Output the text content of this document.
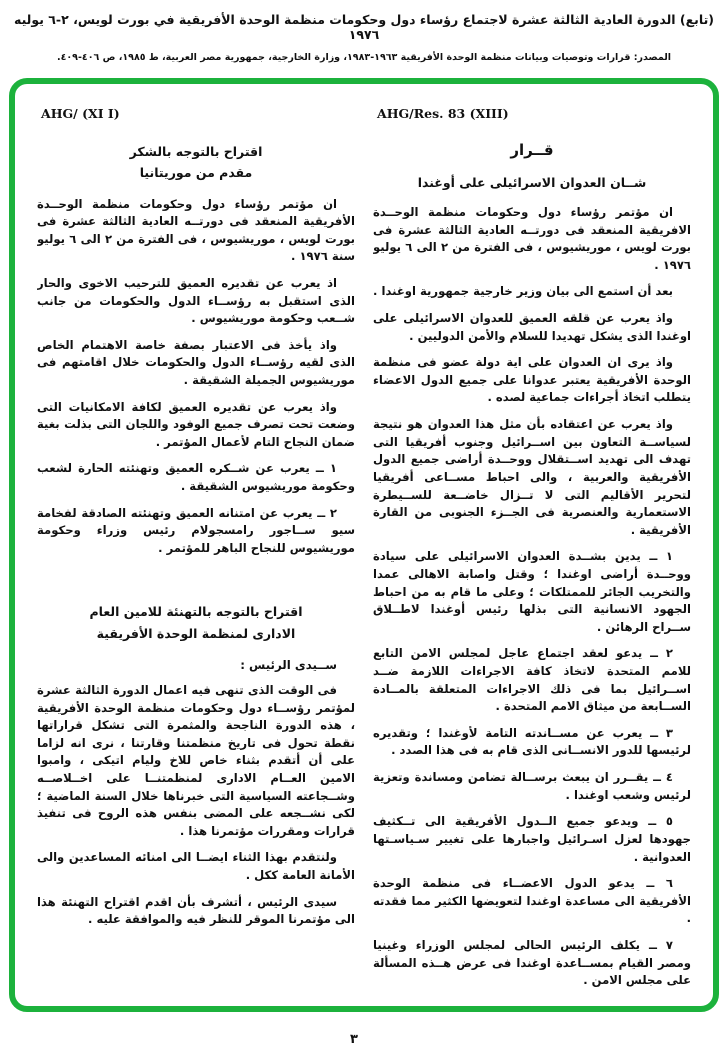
(تابع) الدورة العادية الثالثة عشرة لاجتماع رؤساء دول وحكومات منظمة الوحدة الأفريقية في بورت لويس، ٢-٦ يوليه ١٩٧٦
المصدر: قرارات وتوصيات وبيانات منظمة الوحدة الأفريقية ١٩٦٣-١٩٨٣، وزارة الخارجية، جمهورية مصر العربية، ط ١٩٨٥، ص ٤٠٦-٤٠٩.
AHG/Res. 83 (XIII)
قــرار
شــان العدوان الاسرائيلى على أوغندا

ان مؤتمر رؤساء دول وحكومات منظمة الوحــدة الافريقية المنعقد فى دورتــه العادية الثالثة عشرة فى بورت لويس ، موريشيوس ، فى الفترة من ٢ الى ٦ يوليو ١٩٧٦ .

بعد أن استمع الى بيان وزير خارجية جمهورية اوغندا .

واذ يعرب عن قلقه العميق للعدوان الاسرائيلى على اوغندا الذى يشكل تهديدا للسلام والأمن الدوليين .

واذ يرى ان العدوان على اية دولة عضو فى منظمة الوحدة الأفريقية يعتبر عدوانا على جميع الدول الاعضاء يتطلب اتخاذ أجراءات جماعية لصده .

واذ يعرب عن اعتقاده بأن مثل هذا العدوان هو نتيجة لسياســة التعاون بين اســرائيل وجنوب أفريقيا التى تهدف الى تهديد اســتقلال ووحــدة أراضى جميع الدول الأفريقية والعربية ، والى احباط مســاعى أفريقيا لتحرير الأقاليم التى لا تــزال خاضــعة للســيطرة الاستعمارية والعنصرية فى الجــزء الجنوبى من القارة الأفريقية .

١ ــ يدين بشــدة العدوان الاسرائيلى على سيادة ووحــدة أراضى اوغندا ؛ وقتل واصابة الاهالى عمدا والتخريب الجائر للممتلكات ؛ وعلى ما قام به من احباط الجهود الانسانية التى بذلها رئيس أوغندا لاطــلاق ســراح الرهائن .

٢ ــ يدعو لعقد اجتماع عاجل لمجلس الامن التابع للامم المتحدة لاتخاذ كافة الاجراءات اللازمة ضــد اســرائيل بما فى ذلك الاجراءات المتعلقة بالمــادة الســابعة من ميثاق الامم المتحدة .

٣ ــ يعرب عن مســاندته التامة لأوغندا ؛ وتقديره لرئيسها للدور الانســانى الذى قام به فى هذا الصدد .

٤ ــ يقــرر ان يبعث برســالة تضامن ومساندة وتعزية لرئيس وشعب اوغندا .

٥ ــ ويدعو جميع الــدول الأفريقية الى تــكثيف جهودها لعزل اسـرائيل واجبارها على تغيير سـياسـتها العدوانية .

٦ ــ يدعو الدول الاعضــاء فى منظمة الوحدة الأفريقية الى مساعدة اوغندا لتعويضها الكثير مما فقدته .

٧ ــ يكلف الرئيس الحالى لمجلس الوزراء وغينيا ومصر القيام بمســاعدة اوغندا فى عرض هــذه المسألة على مجلس الامن .

AHG/ (XI I)
اقتراح بالتوجه بالشكر
مقدم من موريتانيا

ان مؤتمر رؤساء دول وحكومات منظمة الوحــدة الأفريقية المنعقد فى دورتــه العادية الثالثة عشرة فى بورت لويس ، موريشيوس ، فى الفترة من ٢ الى ٦ يوليو سنة ١٩٧٦ .

اذ يعرب عن تقديره العميق للترحيب الاخوى والحار الذى استقبل به رؤســاء الدول والحكومات من جانب شــعب وحكومة موريشيوس .

واذ يأخذ فى الاعتبار بصفة خاصة الاهتمام الخاص الذى لقيه رؤســاء الدول والحكومات خلال اقامتهم فى موريشيوس الجميلة الشقيقة .

واذ يعرب عن تقديره العميق لكافة الامكانيات التى وضعت تحت تصرف جميع الوفود واللجان التى بذلت بغية ضمان النجاح التام لأعمال المؤتمر .

١ ــ يعرب عن شــكره العميق وتهنئته الحارة لشعب وحكومة موريشيوس الشقيقة .

٢ ــ يعرب عن امتنانه العميق وتهنئته الصادقة لفخامة سيو ســاجور رامسجولام رئيس وزراء وحكومة موريشيوس للنجاح الباهر للمؤتمر .

اقتراح بالتوجه بالتهنئة للامين العام
الادارى لمنظمة الوحدة الأفريقية

ســيدى الرئيس :

فى الوقت الذى تنهى فيه اعمال الدورة الثالثة عشرة لمؤتمر رؤســاء دول وحكومات منظمة الوحدة الأفريقية ، هذه الدورة الناجحة والمثمرة التى تشكل قراراتها نقطة تحول فى تاريخ منظمتنا وقارتنا ، نرى انه لزاما على أن أتقدم بثناء خاص للاخ وليام اتيكى ، وامبوا الامين العــام الادارى لمنظمتنــا على اخــلاصــه وشــجاعته السياسية التى خبرناها خلال السنة الماضية ؛ لكى نشــجعه على المضى بنفس هذه الروح فى تنفيذ قرارات ومقررات مؤتمرنا هذا .

ولنتقدم بهذا الثناء ايضــا الى امنائه المساعدين والى الأمانة العامة ككل .

سيدى الرئيس ، أتشرف بأن اقدم اقتراح التهنئة هذا الى مؤتمرنا الموقر للنظر فيه والموافقة عليه .

٣
